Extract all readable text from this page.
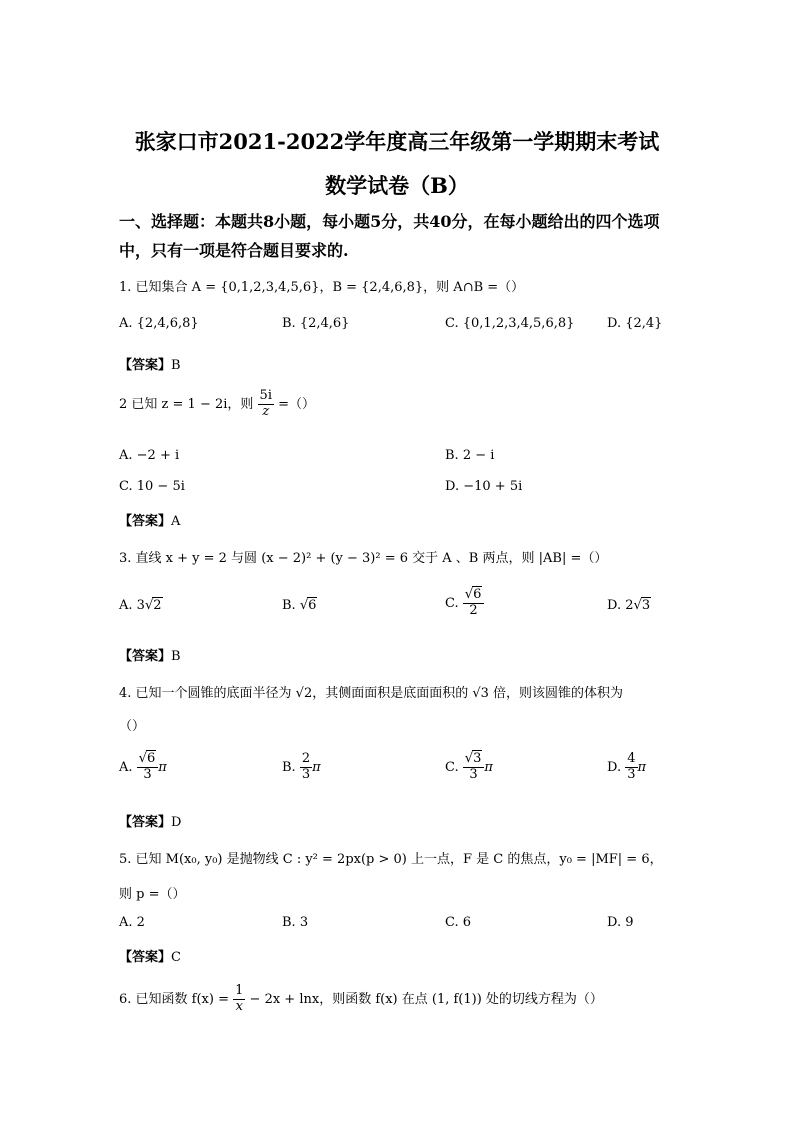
张家口市2021-2022学年度高三年级第一学期期末考试
数学试卷（B）
一、选择题：本题共8小题，每小题5分，共40分，在每小题给出的四个选项
中，只有一项是符合题目要求的.
1. 已知集合 A = {0,1,2,3,4,5,6}，B = {2,4,6,8}，则 A∩B =（）
A. {2,4,6,8}	B. {2,4,6}	C. {0,1,2,3,4,5,6,8}	D. {2,4}
【答案】B
2 已知 z = 1 − 2i，则 $\frac{5i}{z}$ =（）
A. −2 + i	B. 2 − i
C. 10 − 5i	D. −10 + 5i
【答案】A
3. 直线 x + y = 2 与圆 (x − 2)² + (y − 3)² = 6 交于 A 、B 两点，则 |AB| =（）
A. 3√2	B. √6	C. $\frac{√6}{2}$	D. 2√3
【答案】B
4. 已知一个圆锥的底面半径为 √2，其侧面面积是底面面积的 √3 倍，则该圆锥的体积为
（）
A. $\frac{√6}{3}$ π	B. $\frac{2}{3}$ π	C. $\frac{√3}{3}$ π	D. $\frac{4}{3}$ π
【答案】D
5. 已知 M(x₀, y₀) 是抛物线 C : y² = 2px(p > 0) 上一点，F 是 C 的焦点，y₀ = |MF| = 6，
则 p =（）
A. 2	B. 3	C. 6	D. 9
【答案】C
6. 已知函数 $f(x) = \frac{1}{x} - 2x + \ln x$，则函数 f(x) 在点 (1, f(1)) 处的切线方程为（）
